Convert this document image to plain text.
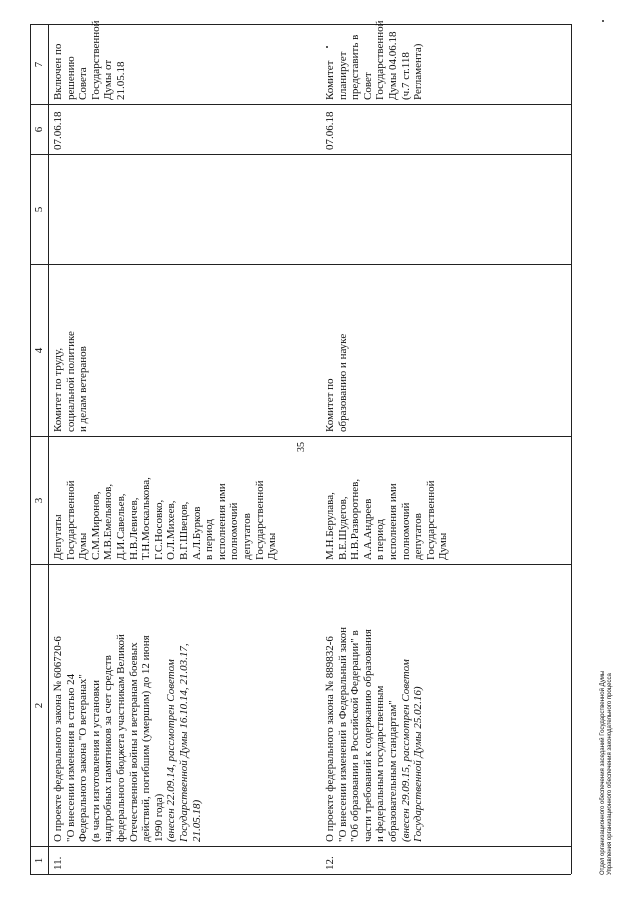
35
1
2
3
4
5
6
7
11.
О проекте федерального закона № 606720-6 "О внесении изменения в статью 24 Федерального закона "О ветеранах" (в части изготовления и установки надгробных памятников за счет средств федерального бюджета участникам Великой Отечественной войны и ветеранам боевых действий, погибшим (умершим) до 12 июня 1990 года) (внесен 22.09.14, рассмотрен Советом Государственной Думы 16.10.14, 21.03.17, 21.05.18)
Депутаты Государственной Думы С.М.Миронов, М.В.Емельянов, Д.И.Савельев, Н.В.Левичев, Т.Н.Москалькова, Г.С.Носовко, О.Л.Михеев, В.Г.Швецов, А.Л.Бурков в период исполнения ими полномочий депутатов Государственной Думы
Комитет по труду, социальной политике и делам ветеранов
07.06.18
Включен по решению Совета Государственной Думы от 21.05.18
12.
О проекте федерального закона № 889832-6 "О внесении изменений в Федеральный закон "Об образовании в Российской Федерации" в части требований к содержанию образования и федеральным государственным образовательным стандартам" (внесен 29.09.15, рассмотрен Советом Государственной Думы 25.02.16)
М.Н.Берулава, В.Е.Шудегов, Н.В.Разворотнев, А.А.Андреев в период исполнения ими полномочий депутатов Государственной Думы
Комитет по образованию и науке
07.06.18
Комитет планирует представить в Совет Государственной Думы 04.06.18 (ч.7 ст.118 Регламента)
Отдел организационного обеспечения заседаний Государственной Думы Управления организационного обеспечения законодательного процесса
